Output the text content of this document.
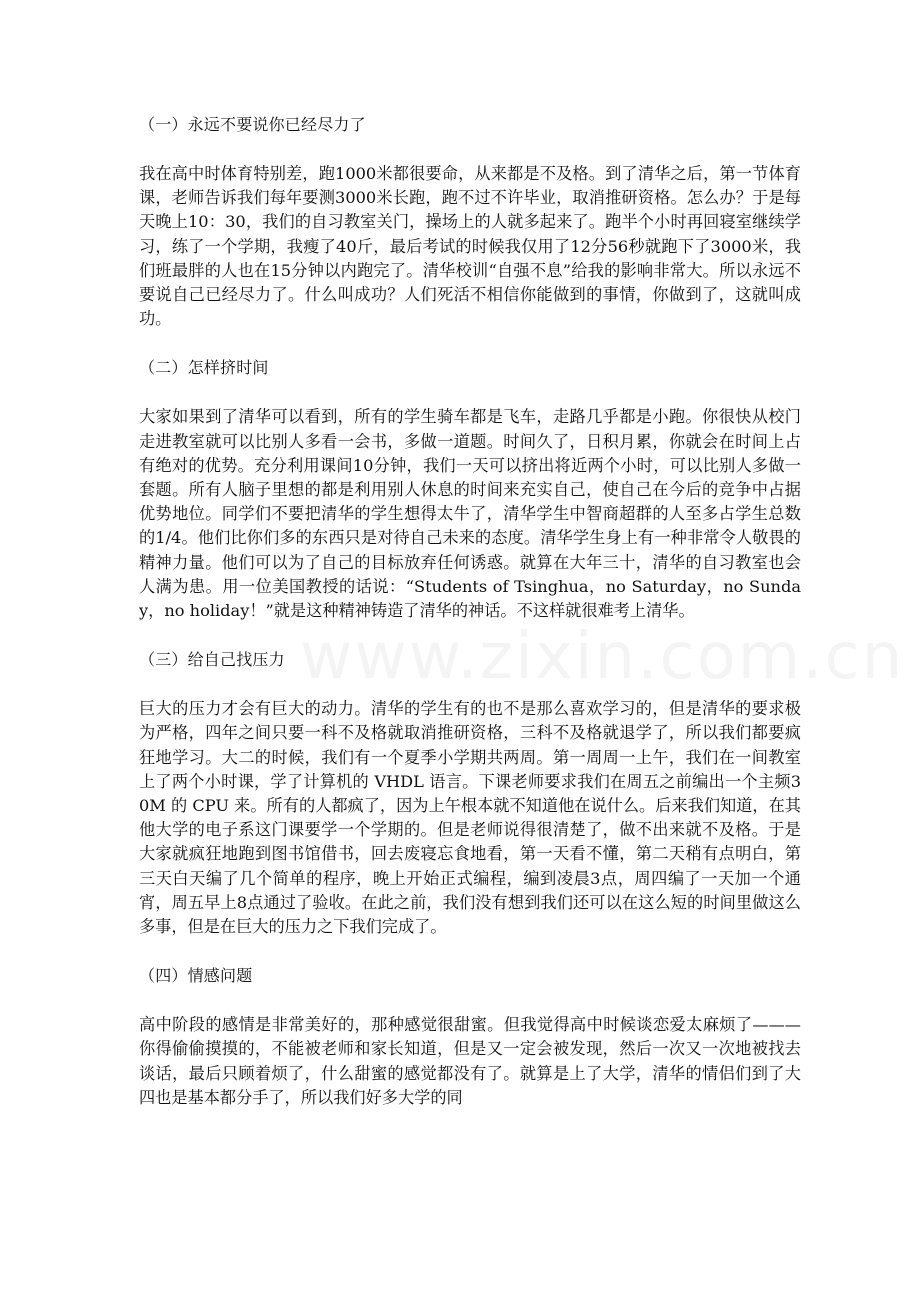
（一）永远不要说你已经尽力了
我在高中时体育特别差，跑1000米都很要命，从来都是不及格。到了清华之后，第一节体育课，老师告诉我们每年要测3000米长跑，跑不过不许毕业，取消推研资格。怎么办？于是每天晚上10：30，我们的自习教室关门，操场上的人就多起来了。跑半个小时再回寝室继续学习，练了一个学期，我瘦了40斤，最后考试的时候我仅用了12分56秒就跑下了3000米，我们班最胖的人也在15分钟以内跑完了。清华校训“自强不息”给我的影响非常大。所以永远不要说自己已经尽力了。什么叫成功？人们死活不相信你能做到的事情，你做到了，这就叫成功。
（二）怎样挤时间
大家如果到了清华可以看到，所有的学生骑车都是飞车，走路几乎都是小跑。你很快从校门走进教室就可以比别人多看一会书，多做一道题。时间久了，日积月累，你就会在时间上占有绝对的优势。充分利用课间10分钟，我们一天可以挤出将近两个小时，可以比别人多做一套题。所有人脑子里想的都是利用别人休息的时间来充实自己，使自己在今后的竞争中占据优势地位。同学们不要把清华的学生想得太牛了，清华学生中智商超群的人至多占学生总数的1/4。他们比你们多的东西只是对待自己未来的态度。清华学生身上有一种非常令人敬畏的精神力量。他们可以为了自己的目标放弃任何诱惑。就算在大年三十，清华的自习教室也会人满为患。用一位美国教授的话说：“Students of Tsinghua，no Saturday，no Sunday，no holiday！”就是这种精神铸造了清华的神话。不这样就很难考上清华。
（三）给自己找压力
巨大的压力才会有巨大的动力。清华的学生有的也不是那么喜欢学习的，但是清华的要求极为严格，四年之间只要一科不及格就取消推研资格，三科不及格就退学了，所以我们都要疯狂地学习。大二的时候，我们有一个夏季小学期共两周。第一周周一上午，我们在一间教室上了两个小时课，学了计算机的 VHDL 语言。下课老师要求我们在周五之前编出一个主频30M 的 CPU 来。所有的人都疯了，因为上午根本就不知道他在说什么。后来我们知道，在其他大学的电子系这门课要学一个学期的。但是老师说得很清楚了，做不出来就不及格。于是大家就疯狂地跑到图书馆借书，回去废寝忘食地看，第一天看不懂，第二天稍有点明白，第三天白天编了几个简单的程序，晚上开始正式编程，编到凌晨3点，周四编了一天加一个通宵，周五早上8点通过了验收。在此之前，我们没有想到我们还可以在这么短的时间里做这么多事，但是在巨大的压力之下我们完成了。
（四）情感问题
高中阶段的感情是非常美好的，那种感觉很甜蜜。但我觉得高中时候谈恋爱太麻烦了———你得偷偷摸摸的，不能被老师和家长知道，但是又一定会被发现，然后一次又一次地被找去谈话，最后只顾着烦了，什么甜蜜的感觉都没有了。就算是上了大学，清华的情侣们到了大四也是基本都分手了，所以我们好多大学的同
